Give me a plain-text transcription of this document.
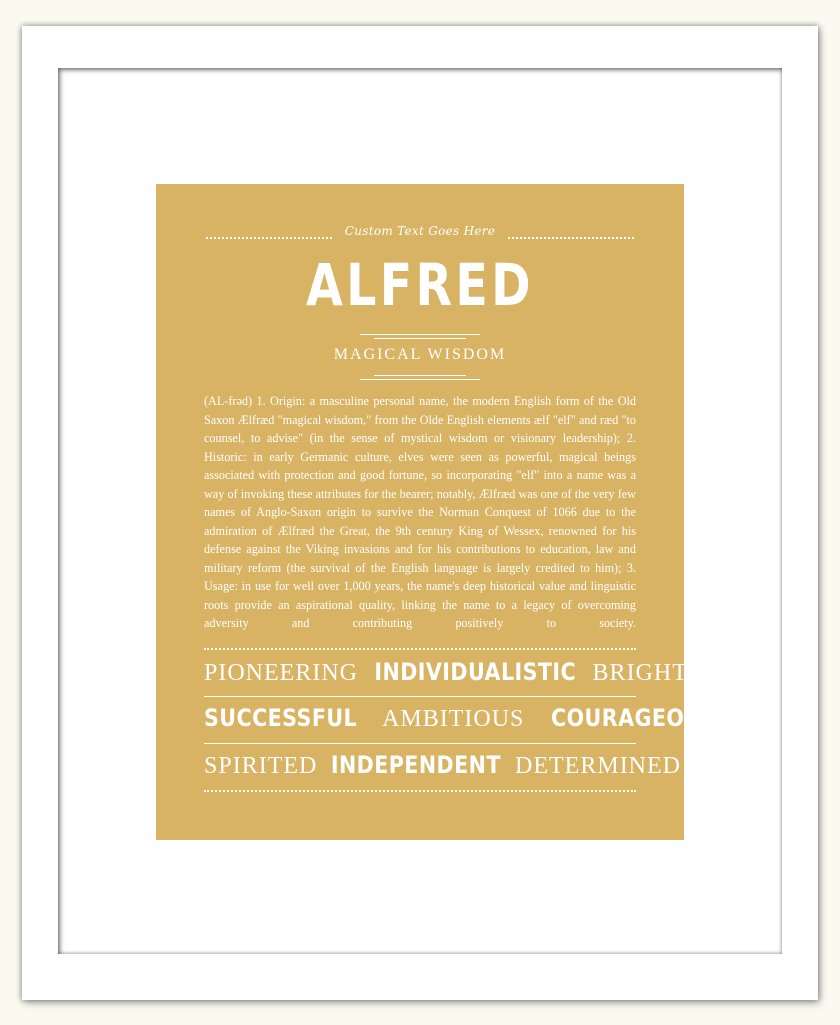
Custom Text Goes Here
ALFRED
MAGICAL WISDOM
(AL-frəd) 1. Origin: a masculine personal name, the modern English form of the Old Saxon Ælfræd "magical wisdom," from the Olde English elements ælf "elf" and ræd "to counsel, to advise" (in the sense of mystical wisdom or visionary leadership); 2. Historic: in early Germanic culture, elves were seen as powerful, magical beings associated with protection and good fortune, so incorporating "elf" into a name was a way of invoking these attributes for the bearer; notably, Ælfræd was one of the very few names of Anglo-Saxon origin to survive the Norman Conquest of 1066 due to the admiration of Ælfræd the Great, the 9th century King of Wessex, renowned for his defense against the Viking invasions and for his contributions to education, law and military reform (the survival of the English language is largely credited to him); 3. Usage: in use for well over 1,000 years, the name's deep historical value and linguistic roots provide an aspirational quality, linking the name to a legacy of overcoming adversity and contributing positively to society.
PIONEERING INDIVIDUALISTIC BRIGHT
SUCCESSFUL AMBITIOUS COURAGEOUS
SPIRITED INDEPENDENT DETERMINED
